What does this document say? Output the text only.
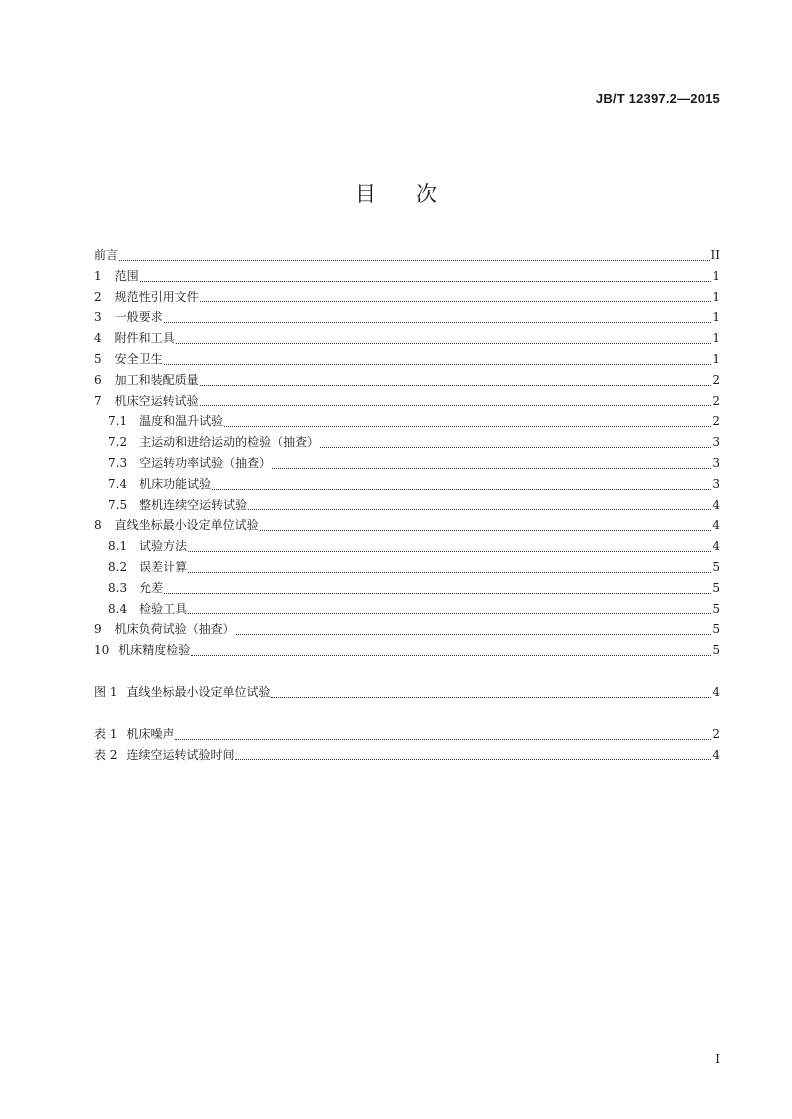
JB/T 12397.2—2015
目 次
前言	II
1 范围	1
2 规范性引用文件	1
3 一般要求	1
4 附件和工具	1
5 安全卫生	1
6 加工和装配质量	2
7 机床空运转试验	2
7.1 温度和温升试验	2
7.2 主运动和进给运动的检验（抽查）	3
7.3 空运转功率试验（抽查）	3
7.4 机床功能试验	3
7.5 整机连续空运转试验	4
8 直线坐标最小设定单位试验	4
8.1 试验方法	4
8.2 误差计算	5
8.3 允差	5
8.4 检验工具	5
9 机床负荷试验（抽查）	5
10 机床精度检验	5
图 1 直线坐标最小设定单位试验	4
表 1 机床噪声	2
表 2 连续空运转试验时间	4
I
